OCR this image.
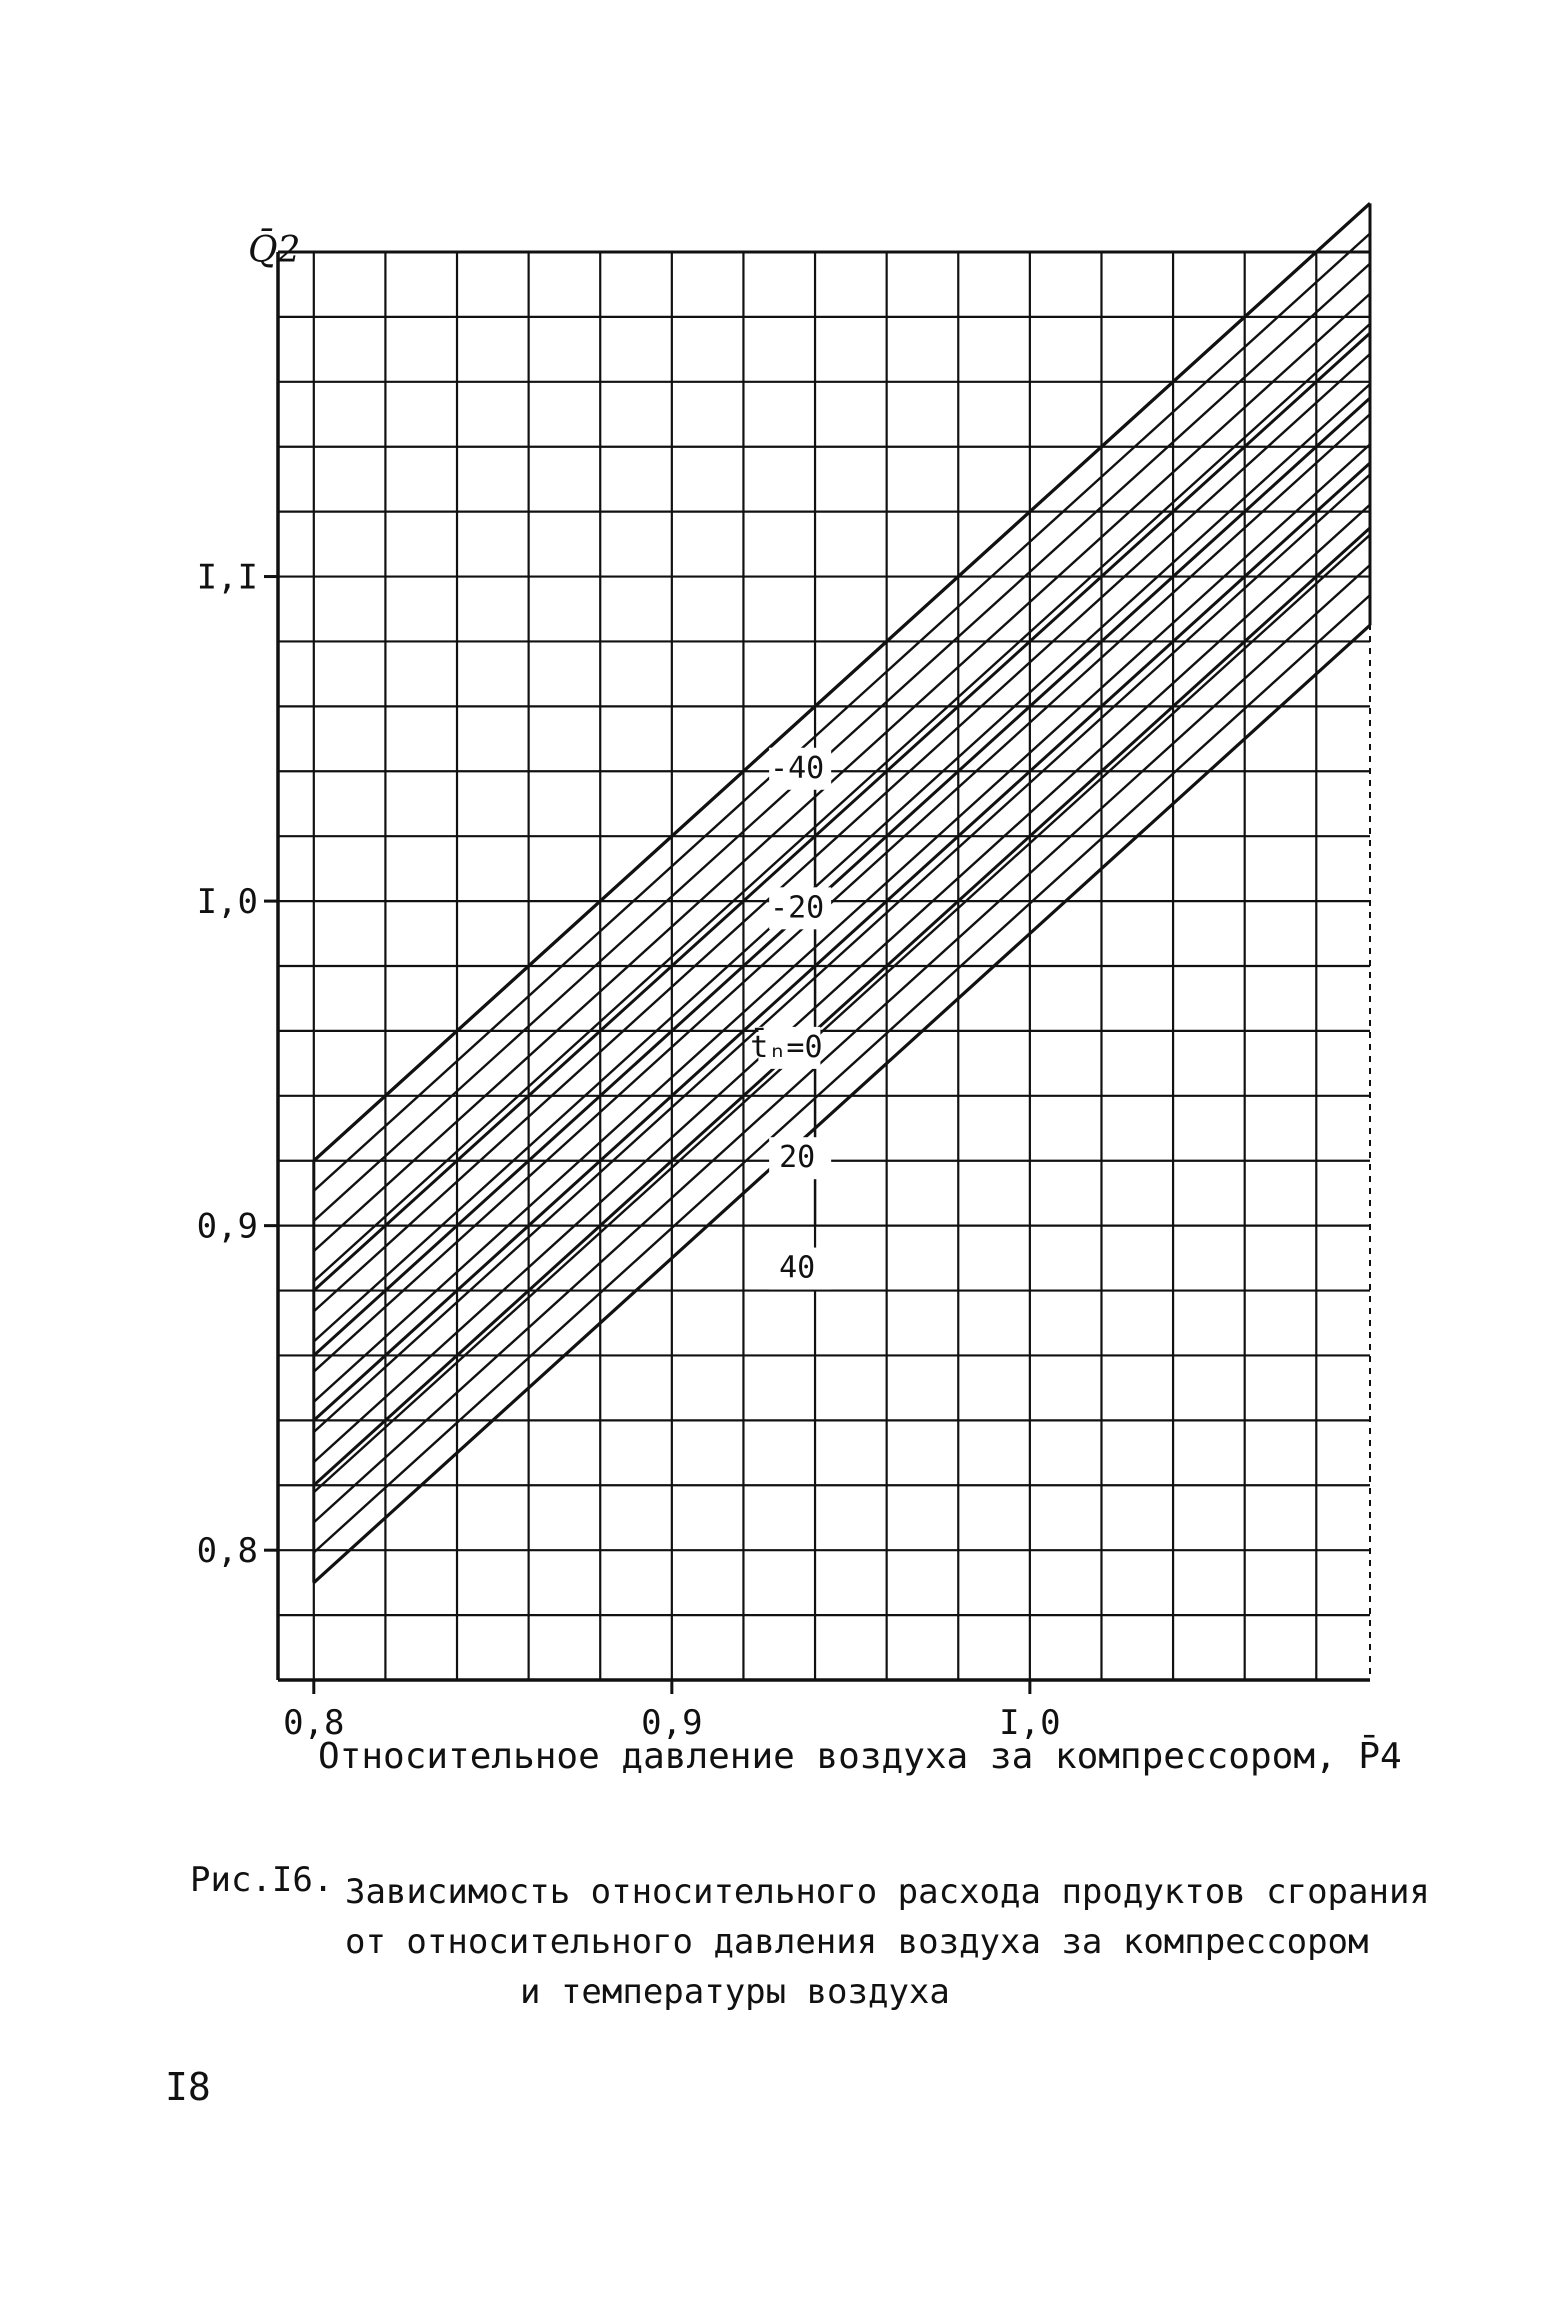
0,8
0,9
I,0
I,I
0,8	0,9	I,0
-40
-20
t̄ₙ=0
20
40
Q̄2
Относительное давление воздуха за компрессором, P̄4
Рис.I6. Зависимость относительного расхода продуктов сгорания
от относительного давления воздуха за компрессором
и температуры воздуха
I8
